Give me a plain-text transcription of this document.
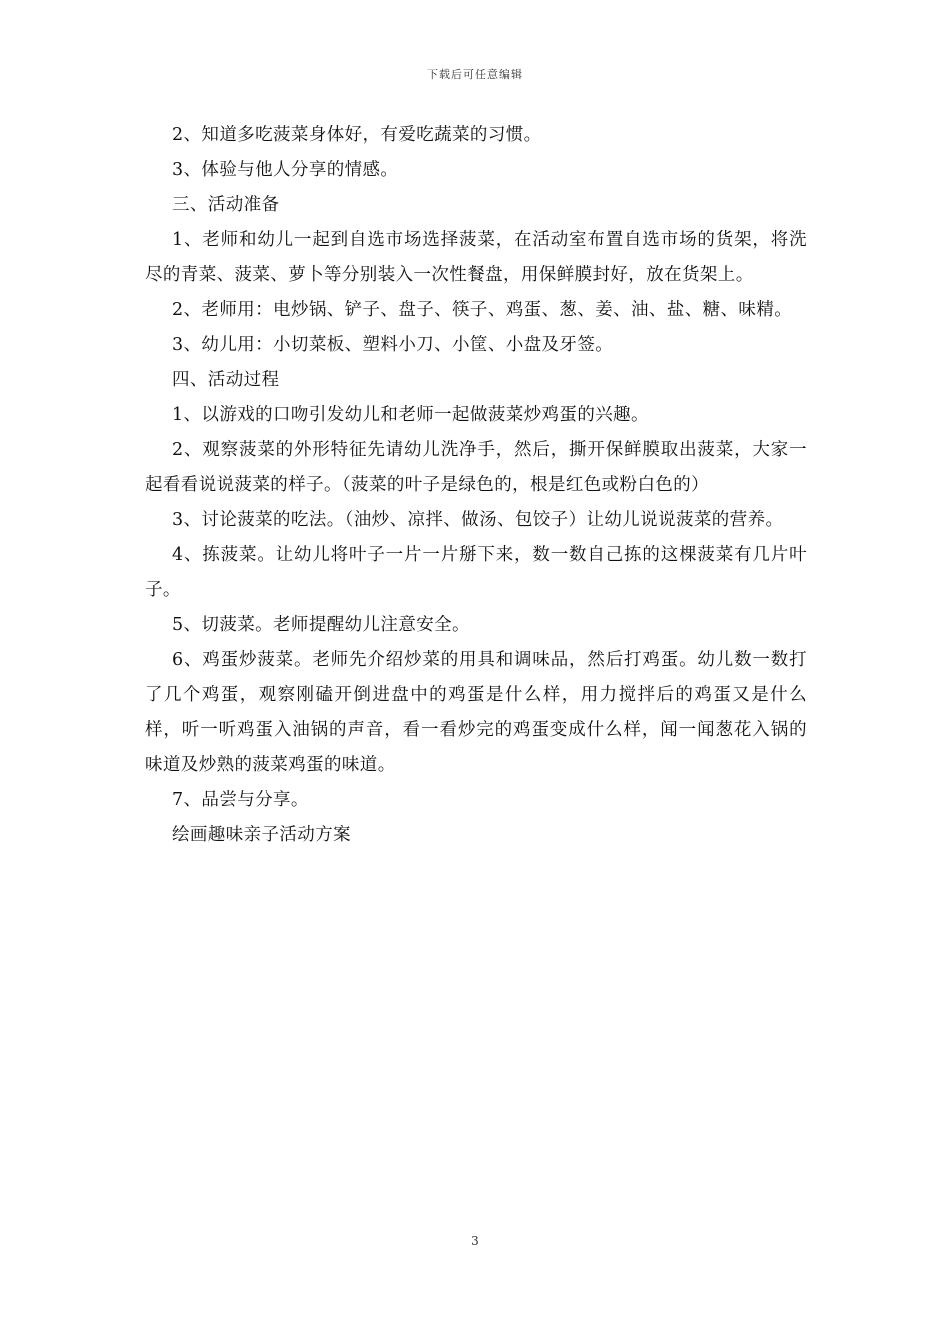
下载后可任意编辑

2、知道多吃菠菜身体好，有爱吃蔬菜的习惯。

3、体验与他人分享的情感。

三、活动准备

1、老师和幼儿一起到自选市场选择菠菜，在活动室布置自选市场的货架，将洗尽的青菜、菠菜、萝卜等分别装入一次性餐盘，用保鲜膜封好，放在货架上。

2、老师用：电炒锅、铲子、盘子、筷子、鸡蛋、葱、姜、油、盐、糖、味精。

3、幼儿用：小切菜板、塑料小刀、小筐、小盘及牙签。

四、活动过程

1、以游戏的口吻引发幼儿和老师一起做菠菜炒鸡蛋的兴趣。

2、观察菠菜的外形特征先请幼儿洗净手，然后，撕开保鲜膜取出菠菜，大家一起看看说说菠菜的样子。（菠菜的叶子是绿色的，根是红色或粉白色的）

3、讨论菠菜的吃法。（油炒、凉拌、做汤、包饺子）让幼儿说说菠菜的营养。

4、拣菠菜。让幼儿将叶子一片一片掰下来，数一数自己拣的这棵菠菜有几片叶子。

5、切菠菜。老师提醒幼儿注意安全。

6、鸡蛋炒菠菜。老师先介绍炒菜的用具和调味品，然后打鸡蛋。幼儿数一数打了几个鸡蛋，观察刚磕开倒进盘中的鸡蛋是什么样，用力搅拌后的鸡蛋又是什么样，听一听鸡蛋入油锅的声音，看一看炒完的鸡蛋变成什么样，闻一闻葱花入锅的味道及炒熟的菠菜鸡蛋的味道。

7、品尝与分享。

绘画趣味亲子活动方案

3
